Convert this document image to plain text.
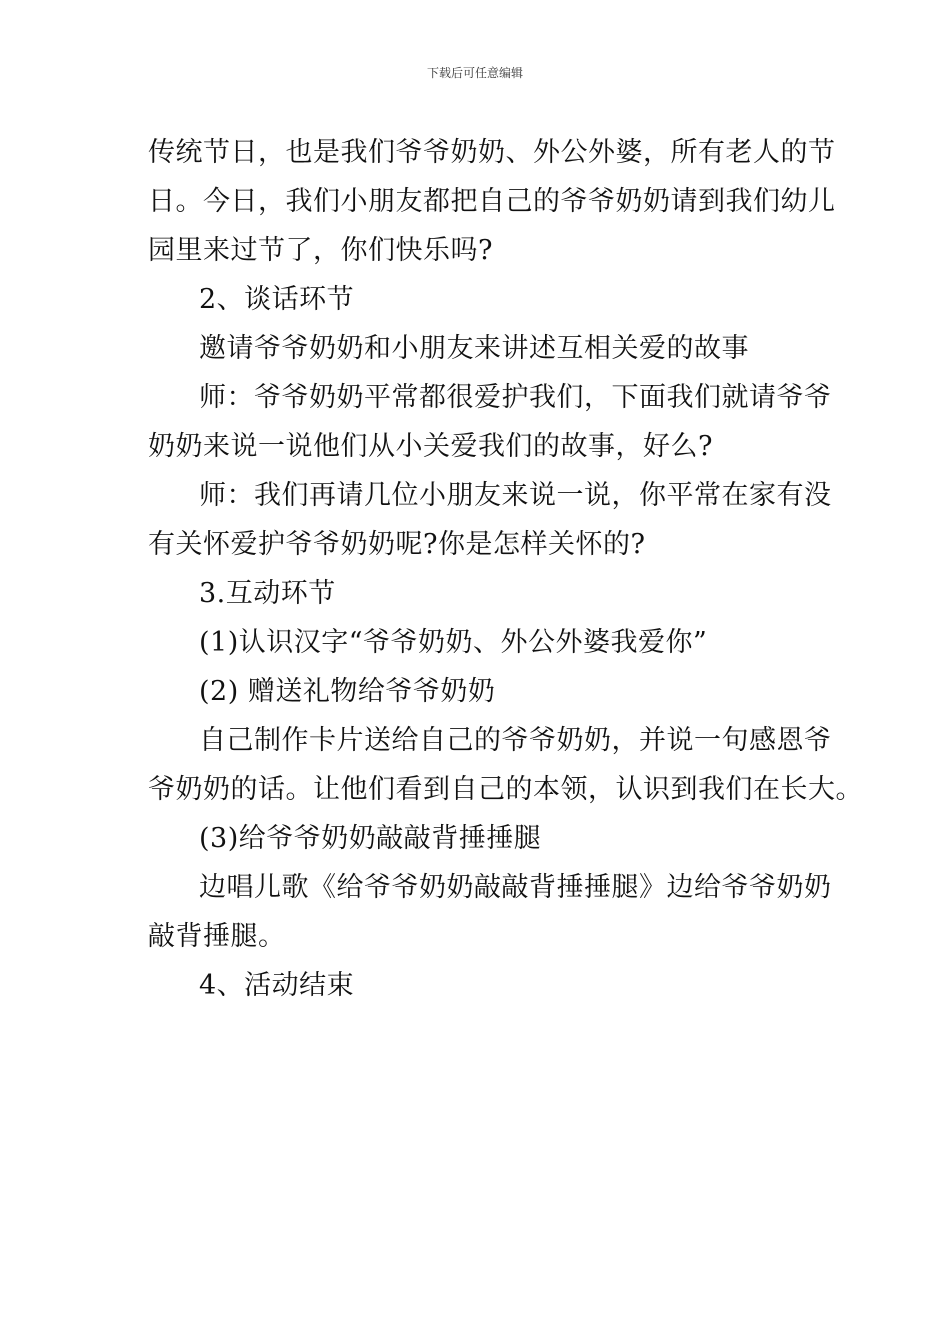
下载后可任意编辑
传统节日，也是我们爷爷奶奶、外公外婆，所有老人的节
日。今日，我们小朋友都把自己的爷爷奶奶请到我们幼儿
园里来过节了，你们快乐吗?
2、谈话环节
邀请爷爷奶奶和小朋友来讲述互相关爱的故事
师：爷爷奶奶平常都很爱护我们，下面我们就请爷爷
奶奶来说一说他们从小关爱我们的故事，好么?
师：我们再请几位小朋友来说一说，你平常在家有没
有关怀爱护爷爷奶奶呢?你是怎样关怀的?
3.互动环节
(1)认识汉字“爷爷奶奶、外公外婆我爱你”
(2) 赠送礼物给爷爷奶奶
自己制作卡片送给自己的爷爷奶奶，并说一句感恩爷
爷奶奶的话。让他们看到自己的本领，认识到我们在长大。
(3)给爷爷奶奶敲敲背捶捶腿
边唱儿歌《给爷爷奶奶敲敲背捶捶腿》边给爷爷奶奶
敲背捶腿。
4、活动结束
